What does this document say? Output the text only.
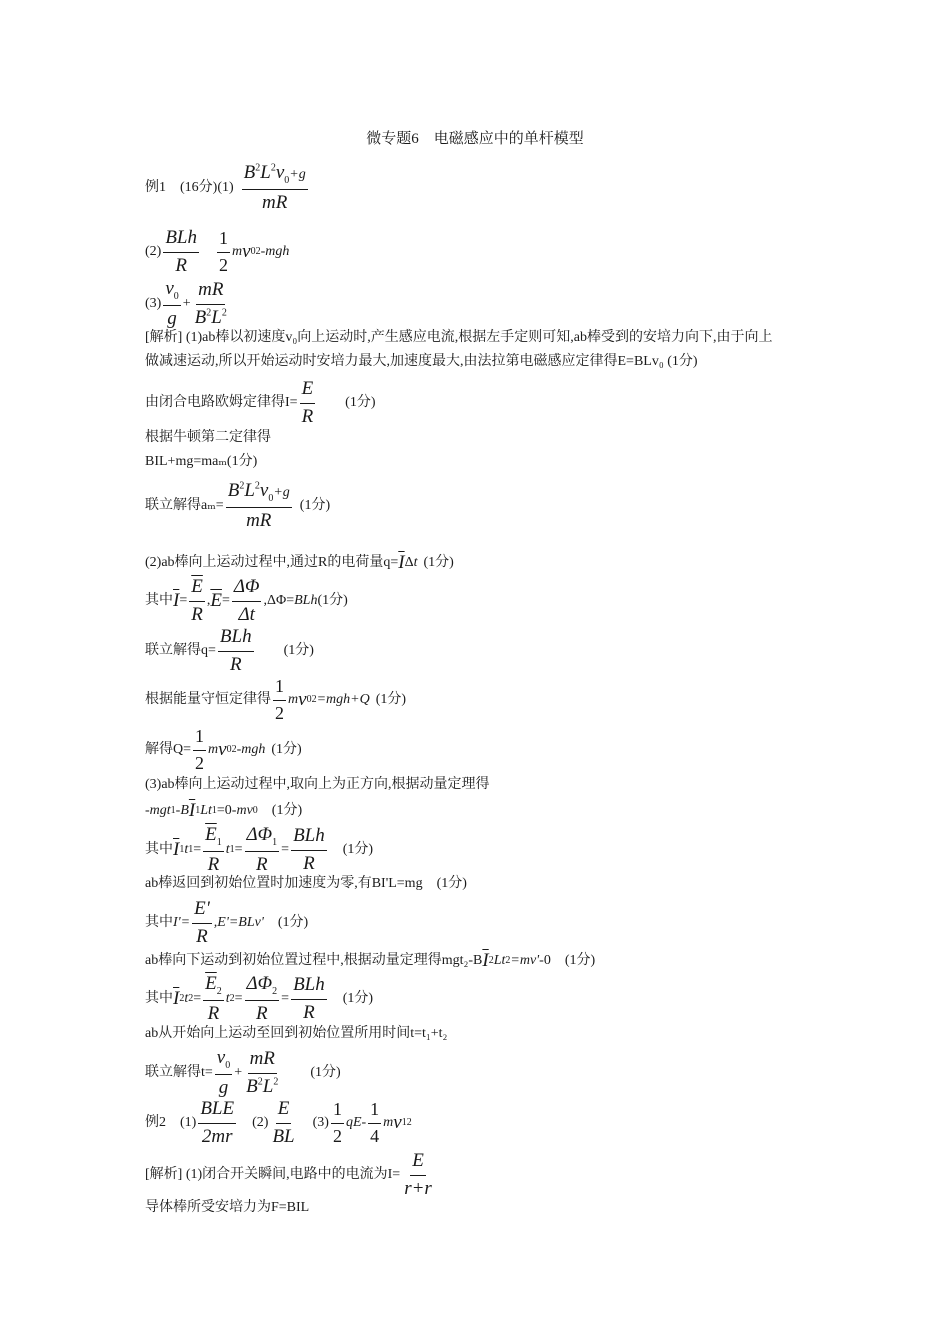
微专题6　电磁感应中的单杆模型
例1　(16分)$(1) \frac{B^2L^2v_0+g}{mR}$
$(2) \frac{\text{BLh}}{R} \frac{1}{2}$ m v 0 2 -mgh
$(3) \frac{v_0}{g} + \frac{mR}{B^2L^2}$
[解析] (1)ab棒以初速度v₀向上运动时,产生感应电流,根据左手定则可知,ab棒受到的安培力向下,由于向上
做减速运动,所以开始运动时安培力最大,加速度最大,由法拉第电磁感应定律得E=BLv₀ (1分)
由闭合电路欧姆定律得$I= \frac{E}{R} (1$分)
根据牛顿第二定律得
BIL+mg=maₘ(1分)
联立解得$a_m= \frac{B^2L^2v_0+g}{mR} (1$分)
(2)ab棒向上运动过程中,通过R的电荷量$q= \overline{I}$ Δ t (1分)
其中 $\overline{I} = \frac{\overline{E}}{R}$ , $\overline{E} = \frac{\Delta\Phi}{\Delta t} ,\Delta\Phi=$ BLh (1分)
联立解得$q= \frac{\text{BLh}}{R} (1$分)
根据能量守恒定律得 $\frac{1}{2}$ m v 0 2 =mgh+Q (1分)
解得$Q= \frac{1}{2}$ m v 0 2 -mgh (1分)
(3)ab棒向上运动过程中,取向上为正方向,根据动量定理得
-mgt 1 -B $\overline{I}$ 1 Lt 1 =0- mv 0 (1分)
其中 $\overline{I}$ 1 t $1 = \frac{\overline{E}_1}{R}$ t $1 = \frac{\Delta\Phi_1}{R} = \frac{\text{BLh}}{R} (1$分)
ab棒返回到初始位置时加速度为零,有BI'L=mg (1分)
其中 $I'= \frac{E'}{R} ,E'=BLv'$ (1分)
ab棒向下运动到初始位置过程中,根据动量定理得mgt₂-B $\overline{I}$ 2 Lt 2 =mv'- 0 (1分)
其中 $\overline{I}$ 2 t $2 = \frac{\overline{E}_2}{R}$ t $2 = \frac{\Delta\Phi_2}{R} = \frac{\text{BLh}}{R} (1$分)
ab从开始向上运动至回到初始位置所用时间t=t₁+t₂
联立解得$t= \frac{v_0}{g} + \frac{mR}{B^2L^2} (1$分)
例2　$(1) \frac{\text{BLE}}{2mr} (2) \frac{E}{BL} (3) \frac{1}{2} qE- \frac{1}{4}$ m v 1 2
[解析] (1)闭合开关瞬间,电路中的电流为$I= \frac{E}{r+r}$
导体棒所受安培力为F=BIL
